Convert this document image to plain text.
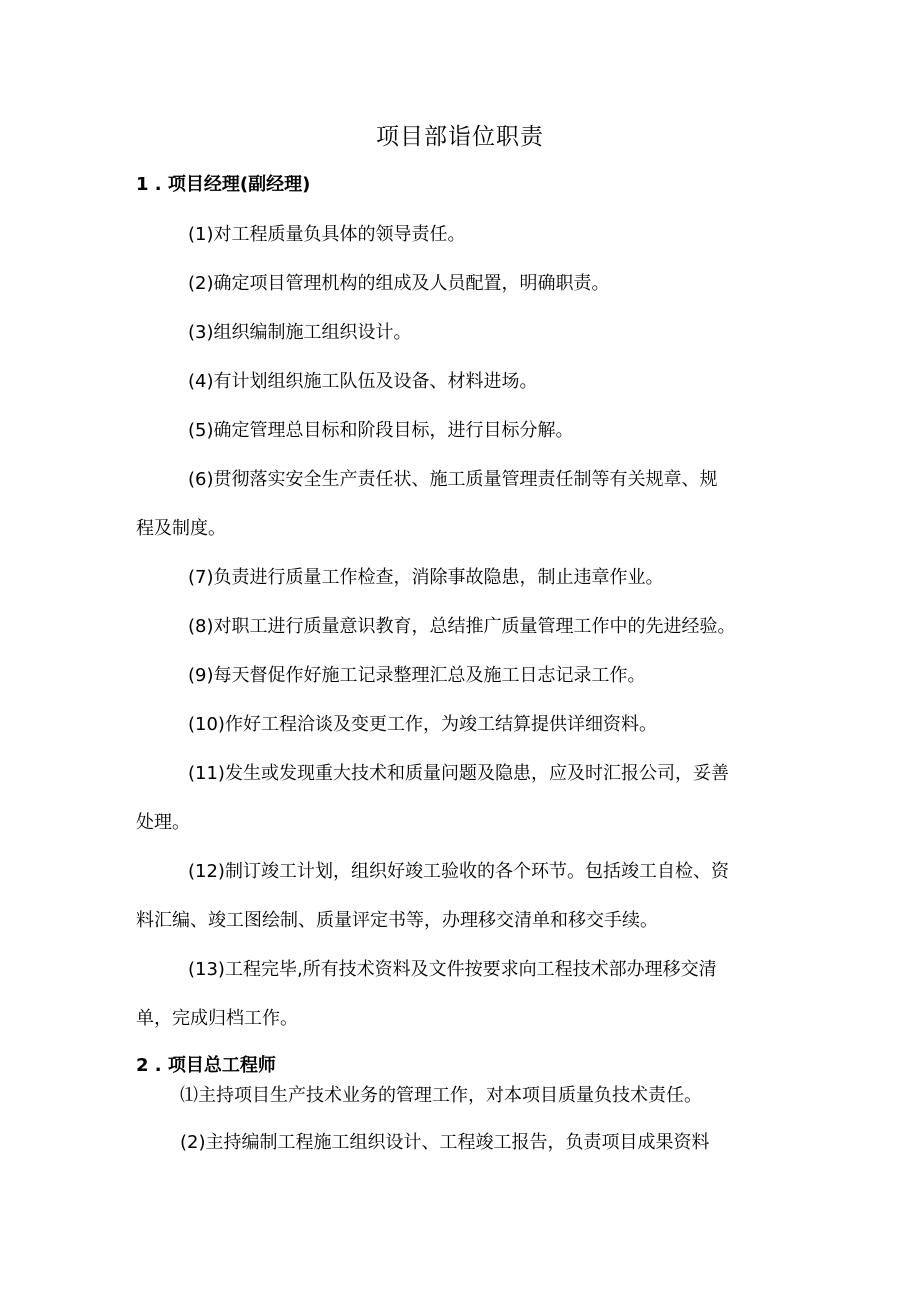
项目部诣位职责
1 . 项目经理(副经理)
(1)对工程质量负具体的领导责任。
(2)确定项目管理机构的组成及人员配置，明确职责。
(3)组织编制施工组织设计。
(4)有计划组织施工队伍及设备、材料进场。
(5)确定管理总目标和阶段目标，进行目标分解。
(6)贯彻落实安全生产责任状、施工质量管理责任制等有关规章、规
程及制度。
(7)负责进行质量工作检查，消除事故隐患，制止违章作业。
(8)对职工进行质量意识教育，总结推广质量管理工作中的先进经验。
(9)每天督促作好施工记录整理汇总及施工日志记录工作。
(10)作好工程洽谈及变更工作，为竣工结算提供详细资料。
(11)发生或发现重大技术和质量问题及隐患，应及时汇报公司，妥善
处理。
(12)制订竣工计划，组织好竣工验收的各个环节。包括竣工自检、资
料汇编、竣工图绘制、质量评定书等，办理移交清单和移交手续。
(13)工程完毕,所有技术资料及文件按要求向工程技术部办理移交清
单，完成归档工作。
2 . 项目总工程师
⑴主持项目生产技术业务的管理工作，对本项目质量负技术责任。
(2)主持编制工程施工组织设计、工程竣工报告，负责项目成果资料
